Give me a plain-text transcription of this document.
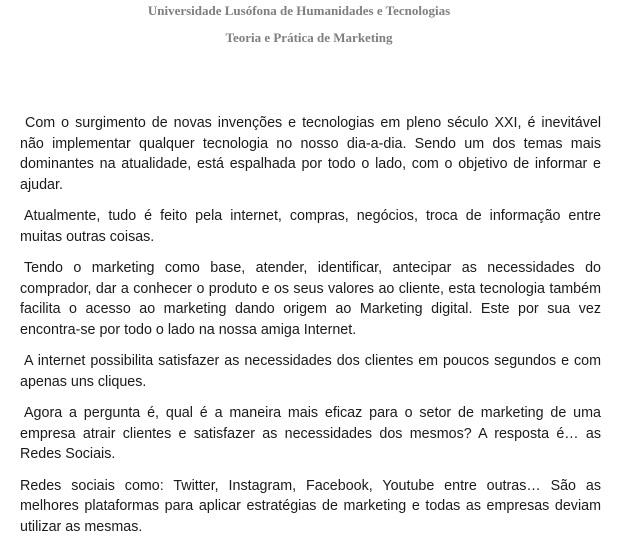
Universidade Lusófona de Humanidades e Tecnologias
Teoria e Prática de Marketing

Com o surgimento de novas invenções e tecnologias em pleno século XXI, é inevitável não implementar qualquer tecnologia no nosso dia-a-dia. Sendo um dos temas mais dominantes na atualidade, está espalhada por todo o lado, com o objetivo de informar e ajudar.

Atualmente, tudo é feito pela internet, compras, negócios, troca de informação entre muitas outras coisas.

Tendo o marketing como base, atender, identificar, antecipar as necessidades do comprador, dar a conhecer o produto e os seus valores ao cliente, esta tecnologia também facilita o acesso ao marketing dando origem ao Marketing digital. Este por sua vez encontra-se por todo o lado na nossa amiga Internet.

A internet possibilita satisfazer as necessidades dos clientes em poucos segundos e com apenas uns cliques.

Agora a pergunta é, qual é a maneira mais eficaz para o setor de marketing de uma empresa atrair clientes e satisfazer as necessidades dos mesmos? A resposta é… as Redes Sociais.

Redes sociais como: Twitter, Instagram, Facebook, Youtube entre outras… São as melhores plataformas para aplicar estratégias de marketing e todas as empresas deviam utilizar as mesmas.
